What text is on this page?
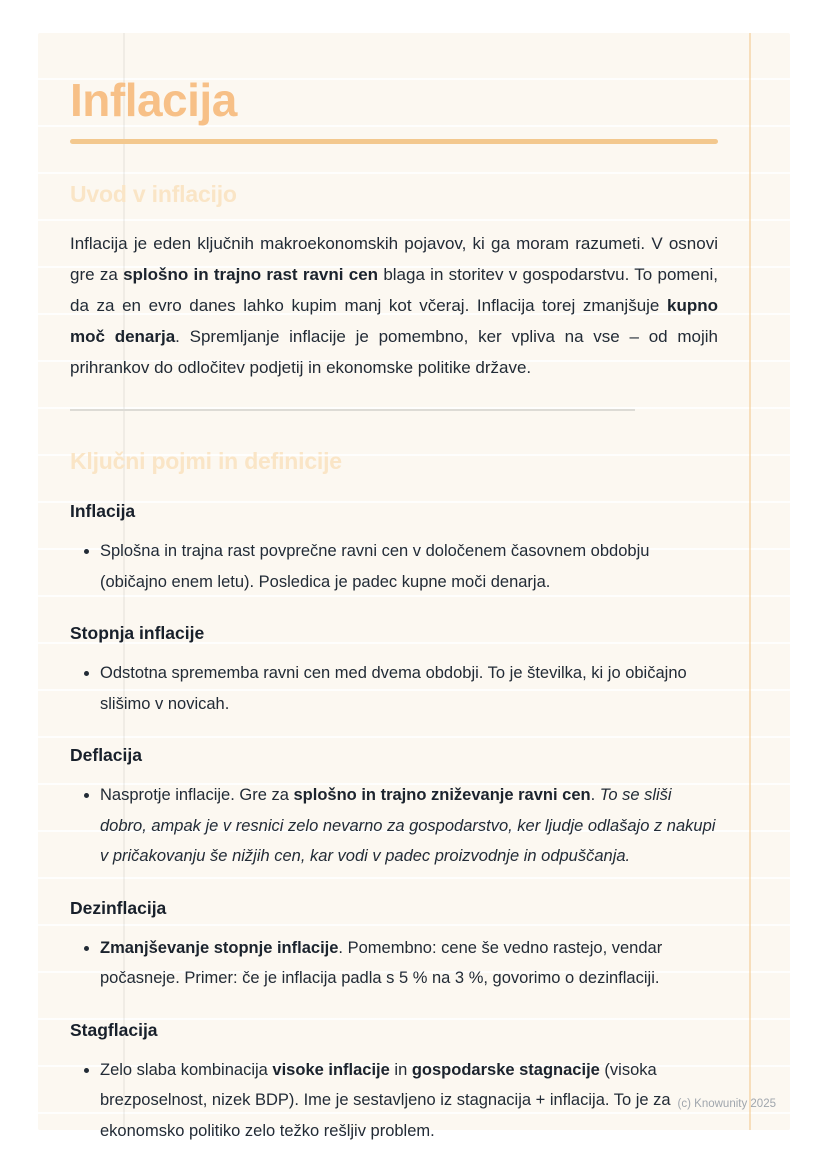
Inflacija
Uvod v inflacijo

Inflacija je eden ključnih makroekonomskih pojavov, ki ga moram razumeti. V osnovi gre za splošno in trajno rast ravni cen blaga in storitev v gospodarstvu. To pomeni, da za en evro danes lahko kupim manj kot včeraj. Inflacija torej zmanjšuje kupno moč denarja. Spremljanje inflacije je pomembno, ker vpliva na vse – od mojih prihrankov do odločitev podjetij in ekonomske politike države.

Ključni pojmi in definicije
Inflacija
• Splošna in trajna rast povprečne ravni cen v določenem časovnem obdobju (običajno enem letu). Posledica je padec kupne moči denarja.
Stopnja inflacije
• Odstotna sprememba ravni cen med dvema obdobji. To je številka, ki jo običajno slišimo v novicah.
Deflacija
• Nasprotje inflacije. Gre za splošno in trajno zniževanje ravni cen. To se sliši dobro, ampak je v resnici zelo nevarno za gospodarstvo, ker ljudje odlašajo z nakupi v pričakovanju še nižjih cen, kar vodi v padec proizvodnje in odpuščanja.
Dezinflacija
• Zmanjševanje stopnje inflacije. Pomembno: cene še vedno rastejo, vendar počasneje. Primer: če je inflacija padla s 5 % na 3 %, govorimo o dezinflaciji.
Stagflacija
• Zelo slaba kombinacija visoke inflacije in gospodarske stagnacije (visoka brezposelnost, nizek BDP). Ime je sestavljeno iz stagnacija + inflacija. To je za ekonomsko politiko zelo težko rešljiv problem.
(c) Knowunity 2025
